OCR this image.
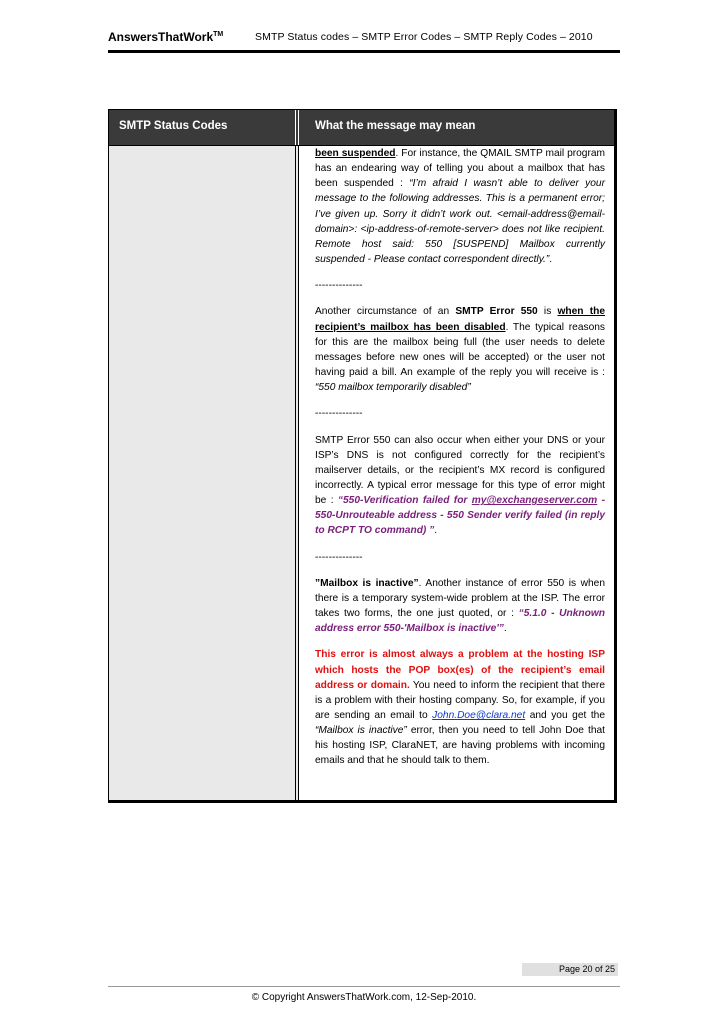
AnswersThatWork™	SMTP Status codes – SMTP Error Codes – SMTP Reply Codes – 2010
SMTP Status Codes	What the message may mean

been suspended. For instance, the QMAIL SMTP mail program has an endearing way of telling you about a mailbox that has been suspended : “I’m afraid I wasn’t able to deliver your message to the following addresses. This is a permanent error; I’ve given up. Sorry it didn’t work out. <email-address@email-domain>: <ip-address-of-remote-server> does not like recipient. Remote host said: 550 [SUSPEND] Mailbox currently suspended - Please contact correspondent directly.”.

--------------

Another circumstance of an SMTP Error 550 is when the recipient’s mailbox has been disabled. The typical reasons for this are the mailbox being full (the user needs to delete messages before new ones will be accepted) or the user not having paid a bill. An example of the reply you will receive is : “550 mailbox temporarily disabled”

--------------

SMTP Error 550 can also occur when either your DNS or your ISP’s DNS is not configured correctly for the recipient’s mailserver details, or the recipient’s MX record is configured incorrectly. A typical error message for this type of error might be : “550-Verification failed for my@exchangeserver.com - 550-Unrouteable address - 550 Sender verify failed (in reply to RCPT TO command) ”.

--------------

”Mailbox is inactive”. Another instance of error 550 is when there is a temporary system-wide problem at the ISP. The error takes two forms, the one just quoted, or : “5.1.0 - Unknown address error 550-'Mailbox is inactive'”.

This error is almost always a problem at the hosting ISP which hosts the POP box(es) of the recipient’s email address or domain. You need to inform the recipient that there is a problem with their hosting company. So, for example, if you are sending an email to John.Doe@clara.net and you get the “Mailbox is inactive” error, then you need to tell John Doe that his hosting ISP, ClaraNET, are having problems with incoming emails and that he should talk to them.

Page 20 of 25
© Copyright AnswersThatWork.com, 12-Sep-2010.
